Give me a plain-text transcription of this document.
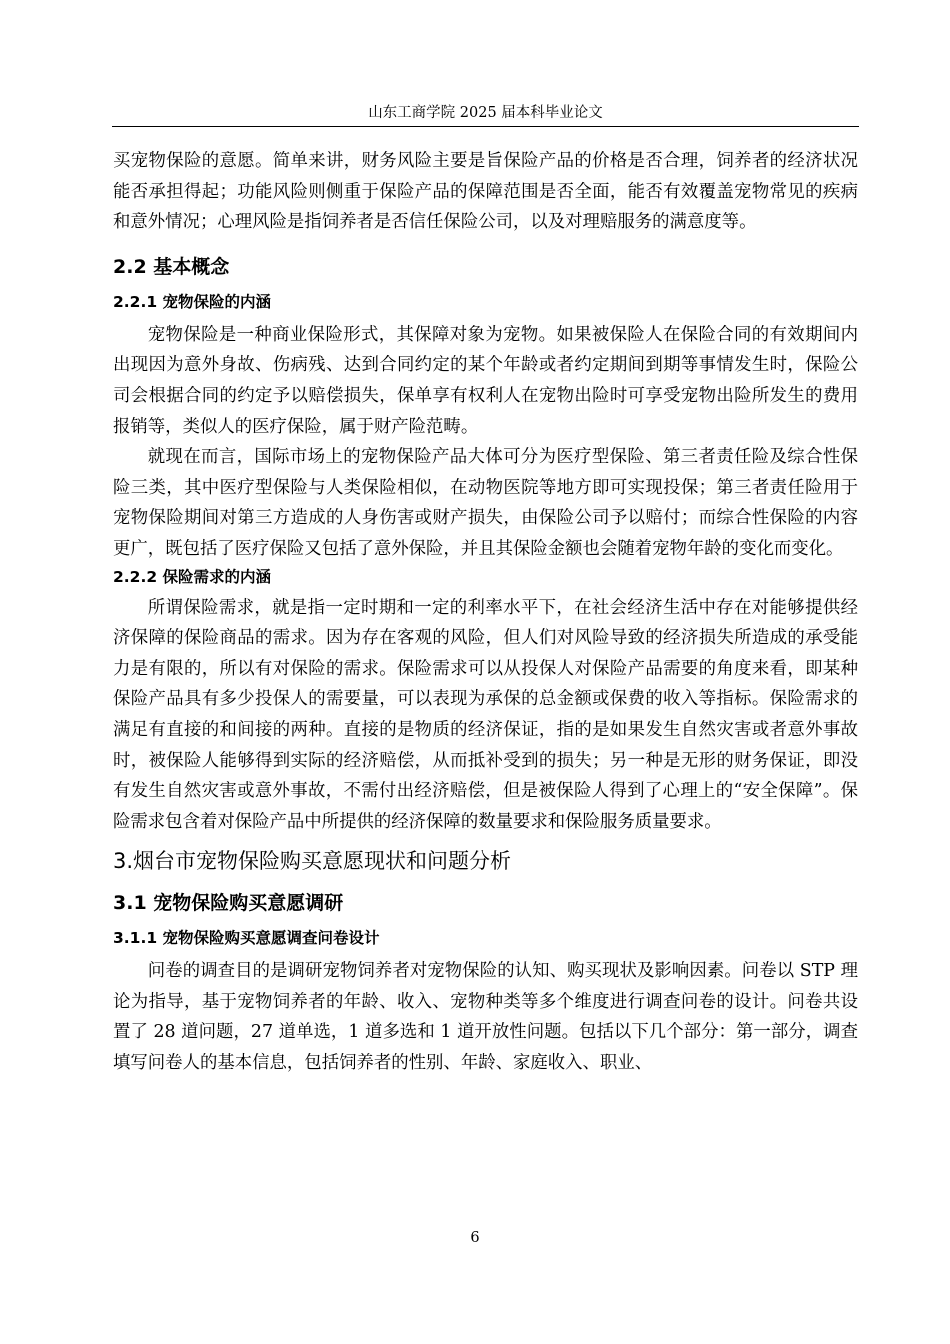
山东工商学院 2025 届本科毕业论文

买宠物保险的意愿。简单来讲，财务风险主要是旨保险产品的价格是否合理，饲养者的经济状况能否承担得起；功能风险则侧重于保险产品的保障范围是否全面，能否有效覆盖宠物常见的疾病和意外情况；心理风险是指饲养者是否信任保险公司，以及对理赔服务的满意度等。

2.2 基本概念
2.2.1 宠物保险的内涵

宠物保险是一种商业保险形式，其保障对象为宠物。如果被保险人在保险合同的有效期间内出现因为意外身故、伤病残、达到合同约定的某个年龄或者约定期间到期等事情发生时，保险公司会根据合同的约定予以赔偿损失，保单享有权利人在宠物出险时可享受宠物出险所发生的费用报销等，类似人的医疗保险，属于财产险范畴。

就现在而言，国际市场上的宠物保险产品大体可分为医疗型保险、第三者责任险及综合性保险三类，其中医疗型保险与人类保险相似，在动物医院等地方即可实现投保；第三者责任险用于宠物保险期间对第三方造成的人身伤害或财产损失，由保险公司予以赔付；而综合性保险的内容更广，既包括了医疗保险又包括了意外保险，并且其保险金额也会随着宠物年龄的变化而变化。

2.2.2 保险需求的内涵

所谓保险需求，就是指一定时期和一定的利率水平下，在社会经济生活中存在对能够提供经济保障的保险商品的需求。因为存在客观的风险，但人们对风险导致的经济损失所造成的承受能力是有限的，所以有对保险的需求。保险需求可以从投保人对保险产品需要的角度来看，即某种保险产品具有多少投保人的需要量，可以表现为承保的总金额或保费的收入等指标。保险需求的满足有直接的和间接的两种。直接的是物质的经济保证，指的是如果发生自然灾害或者意外事故时，被保险人能够得到实际的经济赔偿，从而抵补受到的损失；另一种是无形的财务保证，即没有发生自然灾害或意外事故，不需付出经济赔偿，但是被保险人得到了心理上的“安全保障”。保险需求包含着对保险产品中所提供的经济保障的数量要求和保险服务质量要求。

3.烟台市宠物保险购买意愿现状和问题分析
3.1 宠物保险购买意愿调研
3.1.1 宠物保险购买意愿调查问卷设计

问卷的调查目的是调研宠物饲养者对宠物保险的认知、购买现状及影响因素。问卷以 STP 理论为指导，基于宠物饲养者的年龄、收入、宠物种类等多个维度进行调查问卷的设计。问卷共设置了 28 道问题，27 道单选，1 道多选和 1 道开放性问题。包括以下几个部分：第一部分，调查填写问卷人的基本信息，包括饲养者的性别、年龄、家庭收入、职业、

6
